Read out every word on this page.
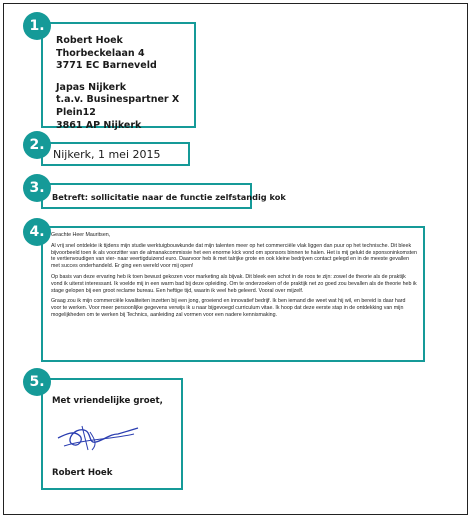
Robert Hoek
Thorbeckelaan 4
3771 EC Barneveld
Japas Nijkerk
t.a.v. Businespartner X
Plein12
3861 AP Nijkerk
1.
Nijkerk, 1 mei 2015
2.
Betreft: sollicitatie naar de functie zelfstandig kok
3.

Geachte Heer Mauritsen,

Al vrij snel ontdekte ik tijdens mijn studie werktuigbouwkunde dat mijn talenten meer op het commerciële vlak liggen dan puur op het technische. Dit bleek bijvoorbeeld toen ik als voorzitter van de almanakcommissie het een enorme kick vond om sponsors binnen te halen. Het is mij gelukt de sponsoninkomsten te vertienvoudigen van vier- naar veertigduizend euro. Daarvoor heb ik met talrijke grote en ook kleine bedrijven contact gelegd en in de meeste gevallen met succes onderhandeld. Er ging een wereld voor mij open!

Op basis van deze ervaring heb ik toen bewust gekozen voor marketing als bijvak. Dit bleek een schot in de roos te zijn: zowel de theorie als de praktijk vond ik uiterst interessant. Ik voelde mij in een warm bad bij deze opleiding. Om te onderzoeken of de praktijk net zo goed zou bevallen als de theorie heb ik stage gelopen bij een groot reclame bureau. Een heftige tijd, waarin ik veel heb geleerd. Vooral over mijzelf.

Graag zou ik mijn commerciële kwaliteiten inzetten bij een jong, groeiend en innovatief bedrijf. Ik ben iemand die weet wat hij wil, en bereid is daar hard voor te werken. Voor meer persoonlijke gegevens verwijs ik u naar bijgevoegd curriculum vitae. Ik hoop dat deze eerste stap in de ontdekking van mijn mogelijkheden om te werken bij Technics, aanleiding zal vormen voor een nadere kennismaking.

4.
Met vriendelijke groet,
Robert Hoek
5.
